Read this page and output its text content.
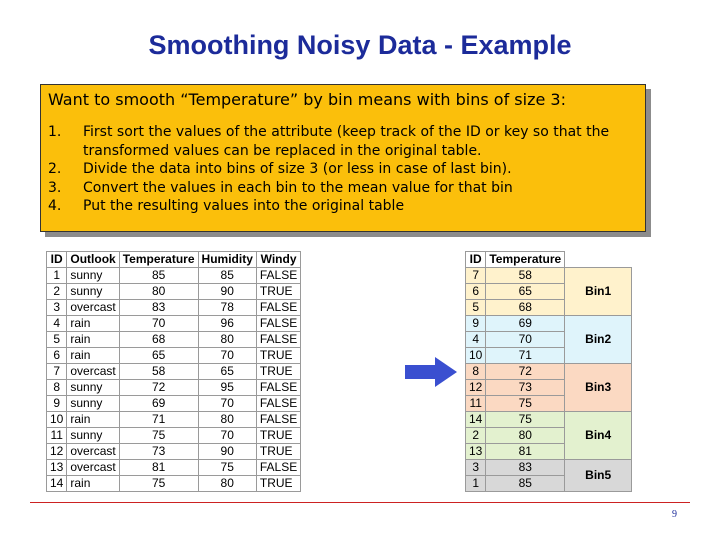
Smoothing Noisy Data - Example
Want to smooth “Temperature” by bin means with bins of size 3:
1.	First sort the values of the attribute (keep track of the ID or key so that the transformed values can be replaced in the original table.
2.	Divide the data into bins of size 3 (or less in case of last bin).
3.	Convert the values in each bin to the mean value for that bin
4.	Put the resulting values into the original table
ID	Outlook	Temperature	Humidity	Windy
1	sunny	85	85	FALSE
2	sunny	80	90	TRUE
3	overcast	83	78	FALSE
4	rain	70	96	FALSE
5	rain	68	80	FALSE
6	rain	65	70	TRUE
7	overcast	58	65	TRUE
8	sunny	72	95	FALSE
9	sunny	69	70	FALSE
10	rain	71	80	FALSE
11	sunny	75	70	TRUE
12	overcast	73	90	TRUE
13	overcast	81	75	FALSE
14	rain	75	80	TRUE
ID	Temperature	
7	58	Bin1
6	65	
5	68	
9	69	Bin2
4	70	
10	71	
8	72	Bin3
12	73	
11	75	
14	75	Bin4
2	80	
13	81	
3	83	Bin5
1	85	
9
